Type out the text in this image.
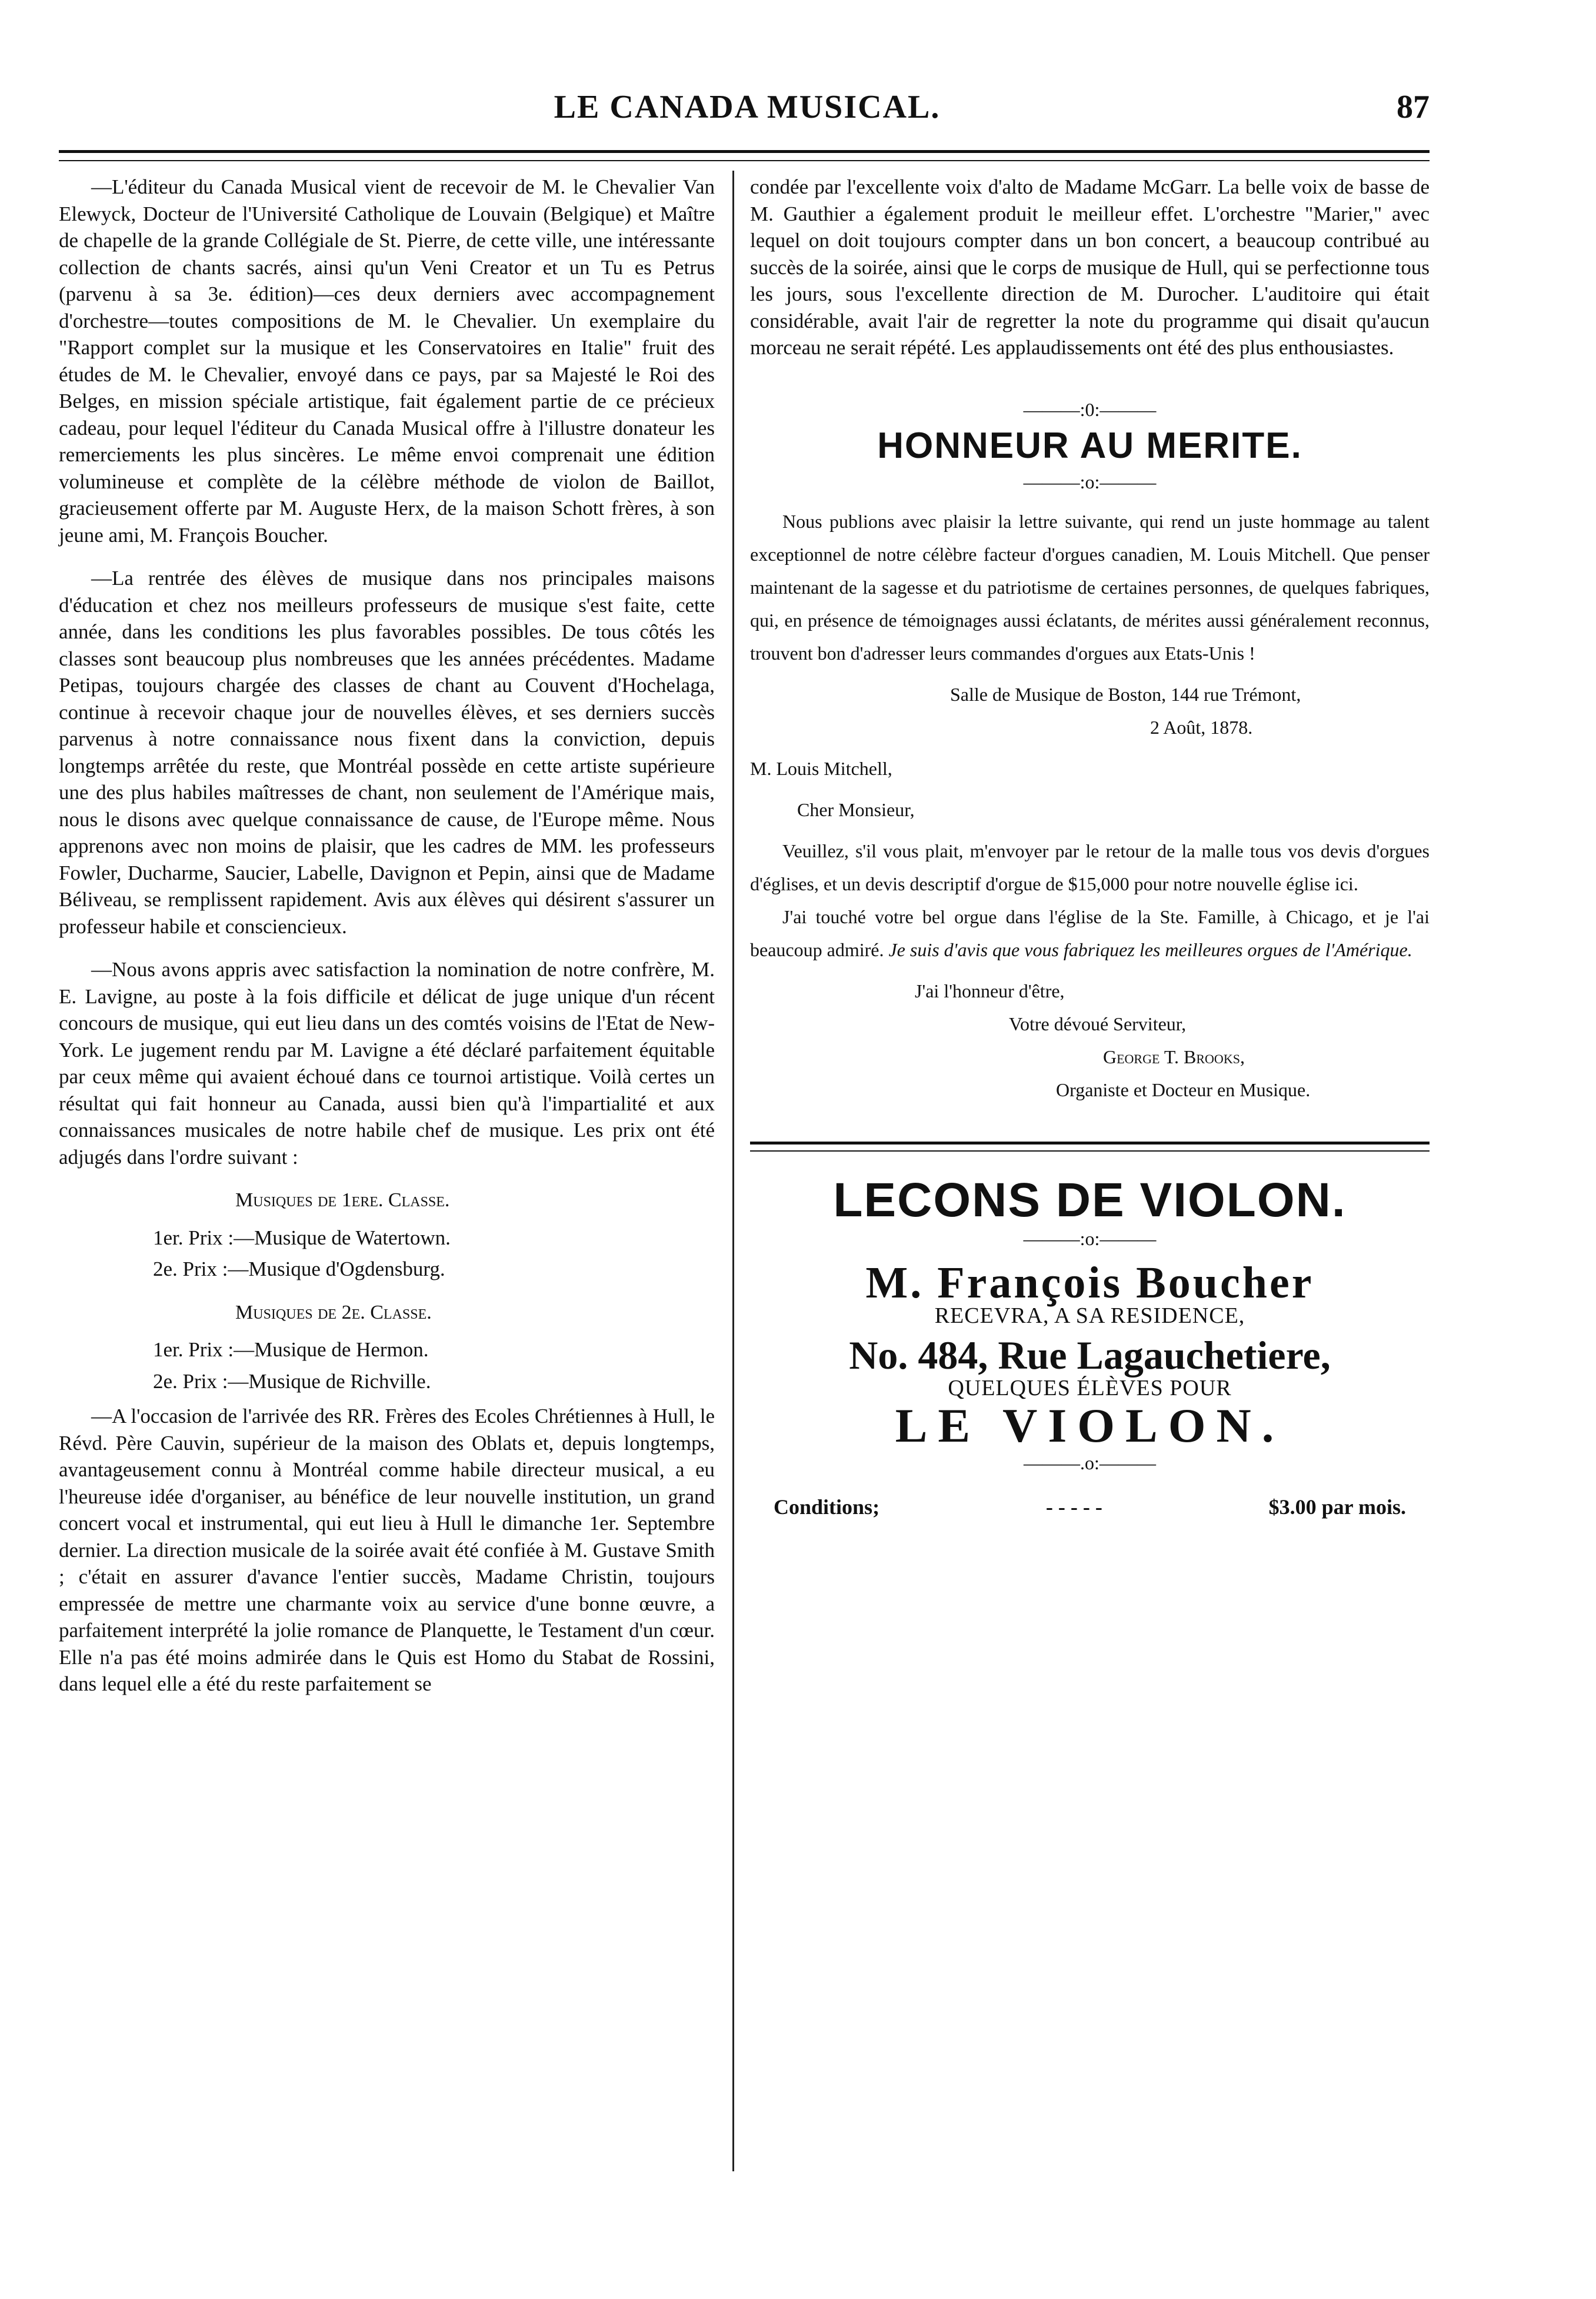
LE CANADA MUSICAL.	87

—L'éditeur du Canada Musical vient de recevoir de M. le Chevalier Van Elewyck, Docteur de l'Université Catholique de Louvain (Belgique) et Maître de chapelle de la grande Collégiale de St. Pierre, de cette ville, une intéressante collection de chants sacrés, ainsi qu'un Veni Creator et un Tu es Petrus (parvenu à sa 3e. édition)—ces deux derniers avec accompagnement d'orchestre—toutes compositions de M. le Chevalier. Un exemplaire du "Rapport complet sur la musique et les Conservatoires en Italie" fruit des études de M. le Chevalier, envoyé dans ce pays, par sa Majesté le Roi des Belges, en mission spéciale artistique, fait également partie de ce précieux cadeau, pour lequel l'éditeur du Canada Musical offre à l'illustre donateur les remerciements les plus sincères. Le même envoi comprenait une édition volumineuse et complète de la célèbre méthode de violon de Baillot, gracieusement offerte par M. Auguste Herx, de la maison Schott frères, à son jeune ami, M. François Boucher.

—La rentrée des élèves de musique dans nos principales maisons d'éducation et chez nos meilleurs professeurs de musique s'est faite, cette année, dans les conditions les plus favorables possibles. De tous côtés les classes sont beaucoup plus nombreuses que les années précédentes. Madame Petipas, toujours chargée des classes de chant au Couvent d'Hochelaga, continue à recevoir chaque jour de nouvelles élèves, et ses derniers succès parvenus à notre connaissance nous fixent dans la conviction, depuis longtemps arrêtée du reste, que Montréal possède en cette artiste supérieure une des plus habiles maîtresses de chant, non seulement de l'Amérique mais, nous le disons avec quelque connaissance de cause, de l'Europe même. Nous apprenons avec non moins de plaisir, que les cadres de MM. les professeurs Fowler, Ducharme, Saucier, Labelle, Davignon et Pepin, ainsi que de Madame Béliveau, se remplissent rapidement. Avis aux élèves qui désirent s'assurer un professeur habile et consciencieux.

—Nous avons appris avec satisfaction la nomination de notre confrère, M. E. Lavigne, au poste à la fois difficile et délicat de juge unique d'un récent concours de musique, qui eut lieu dans un des comtés voisins de l'Etat de New-York. Le jugement rendu par M. Lavigne a été déclaré parfaitement équitable par ceux même qui avaient échoué dans ce tournoi artistique. Voilà certes un résultat qui fait honneur au Canada, aussi bien qu'à l'impartialité et aux connaissances musicales de notre habile chef de musique. Les prix ont été adjugés dans l'ordre suivant :

Musiques de 1ere. Classe.
1er. Prix :—Musique de Watertown.
2e. Prix :—Musique d'Ogdensburg.
Musiques de 2e. Classe.
1er. Prix :—Musique de Hermon.
2e. Prix :—Musique de Richville.

—A l'occasion de l'arrivée des RR. Frères des Ecoles Chrétiennes à Hull, le Révd. Père Cauvin, supérieur de la maison des Oblats et, depuis longtemps, avantageusement connu à Montréal comme habile directeur musical, a eu l'heureuse idée d'organiser, au bénéfice de leur nouvelle institution, un grand concert vocal et instrumental, qui eut lieu à Hull le dimanche 1er. Septembre dernier. La direction musicale de la soirée avait été confiée à M. Gustave Smith ; c'était en assurer d'avance l'entier succès, Madame Christin, toujours empressée de mettre une charmante voix au service d'une bonne œuvre, a parfaitement interprété la jolie romance de Planquette, le Testament d'un cœur. Elle n'a pas été moins admirée dans le Quis est Homo du Stabat de Rossini, dans lequel elle a été du reste parfaitement se

condée par l'excellente voix d'alto de Madame McGarr. La belle voix de basse de M. Gauthier a également produit le meilleur effet. L'orchestre "Marier," avec lequel on doit toujours compter dans un bon concert, a beaucoup contribué au succès de la soirée, ainsi que le corps de musique de Hull, qui se perfectionne tous les jours, sous l'excellente direction de M. Durocher. L'auditoire qui était considérable, avait l'air de regretter la note du programme qui disait qu'aucun morceau ne serait répété. Les applaudissements ont été des plus enthousiastes.

———:0:———
HONNEUR AU MERITE.
———:o:———

Nous publions avec plaisir la lettre suivante, qui rend un juste hommage au talent exceptionnel de notre célèbre facteur d'orgues canadien, M. Louis Mitchell. Que penser maintenant de la sagesse et du patriotisme de certaines personnes, de quelques fabriques, qui, en présence de témoignages aussi éclatants, de mérites aussi généralement reconnus, trouvent bon d'adresser leurs commandes d'orgues aux Etats-Unis !

Salle de Musique de Boston, 144 rue Trémont,

2 Août, 1878.

M. Louis Mitchell,

Cher Monsieur,

Veuillez, s'il vous plait, m'envoyer par le retour de la malle tous vos devis d'orgues d'églises, et un devis descriptif d'orgue de $15,000 pour notre nouvelle église ici.

J'ai touché votre bel orgue dans l'église de la Ste. Famille, à Chicago, et je l'ai beaucoup admiré. Je suis d'avis que vous fabriquez les meilleures orgues de l'Amérique.

J'ai l'honneur d'être,

Votre dévoué Serviteur,

George T. Brooks,

Organiste et Docteur en Musique.

LECONS DE VIOLON.
———:o:———
M. François Boucher
RECEVRA, A SA RESIDENCE,
No. 484, Rue Lagauchetiere,
QUELQUES ÉLÈVES POUR
LE VIOLON.
———.o:———
Conditions;	- - - - -	$3.00 par mois.
